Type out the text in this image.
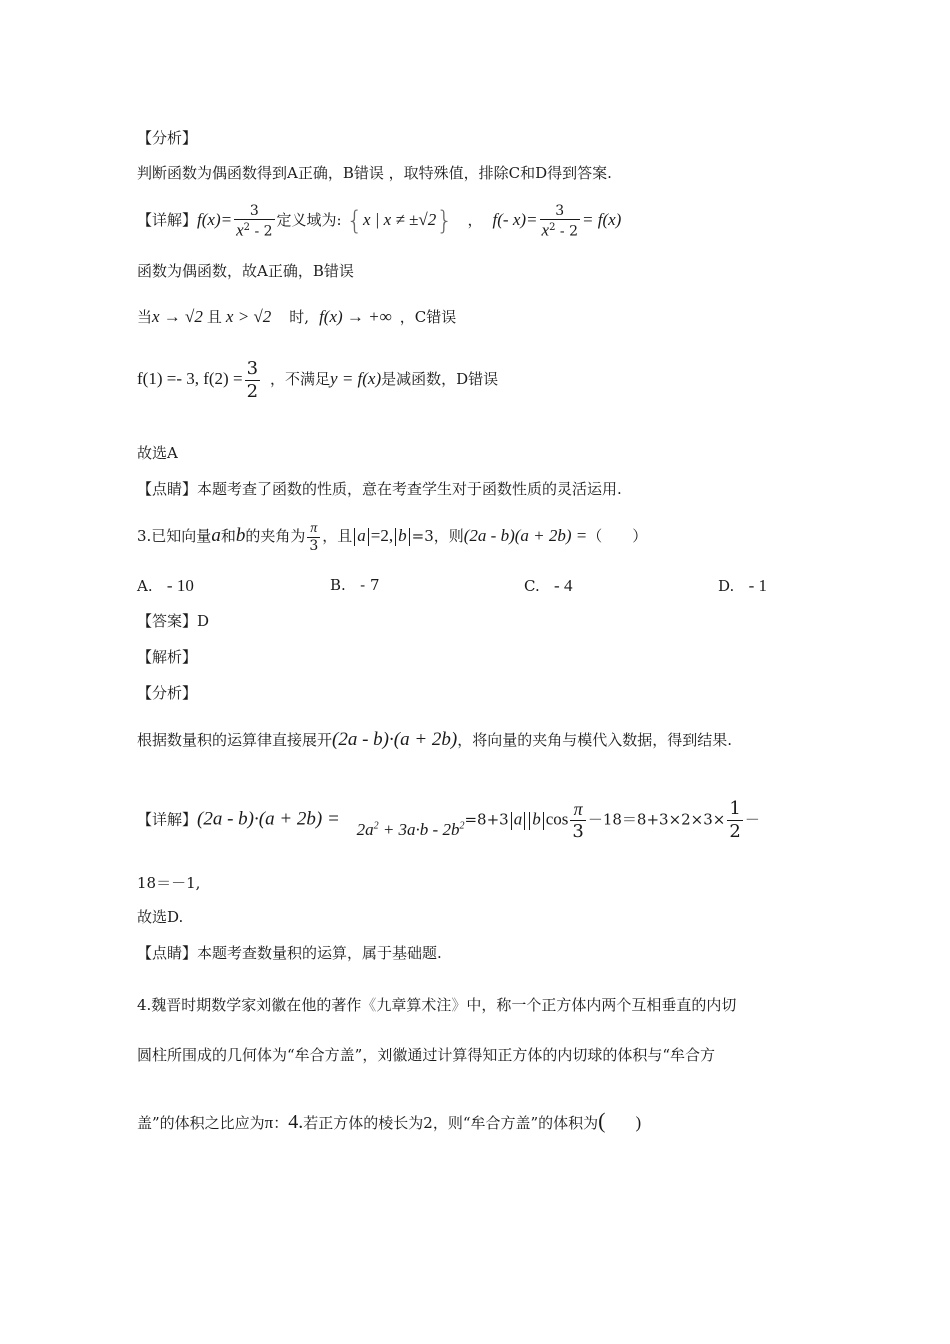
【分析】
判断函数为偶函数得到A正确，B错误 ，取特殊值，排除C和D得到答案.
【详解】$f(x)= \frac{3}{x^2 - 2}$ 定义域为: {x | x ≠ ±√2} ， f(- $x)= \frac{3}{x^2 - 2} = f(x)$
函数为偶函数，故A正确，B错误
当x → √2 且 x > √2 时, f(x) → +∞ ，C错误
f(1) =- 3, $f(2) = \frac{3}{2}$ ，不满足y = f(x)是减函数，D错误
故选A
【点睛】本题考查了函数的性质，意在考查学生对于函数性质的灵活运用.
3.已知向量a和b的夹角为 $\frac{\pi}{3}$ ，且 a =2, b =3，则(2a - b)(a + 2b) =（ ）
A. - 10	B. - 7	C. - 4	D. - 1
【答案】D
【解析】
【分析】
根据数量积的运算律直接展开(2a - b)·(a + 2b)，将向量的夹角与模代入数据，得到结果.
【详解】$(2a - b)\cdot(a + 2b) = 2a^2 + 3a\cdot b - 2b^2=8+3$ a b $\cos \frac{\pi}{3} -18=8+3\times 2\times 3\times \frac{1}{2}$ －
18＝－1,
故选D.
【点睛】本题考查数量积的运算，属于基础题.
4.魏晋时期数学家刘徽在他的著作《九章算术注》中，称一个正方体内两个互相垂直的内切
圆柱所围成的几何体为“牟合方盖”，刘徽通过计算得知正方体的内切球的体积与“牟合方
盖”的体积之比应为π：4.若正方体的棱长为2，则“牟合方盖”的体积为( )
